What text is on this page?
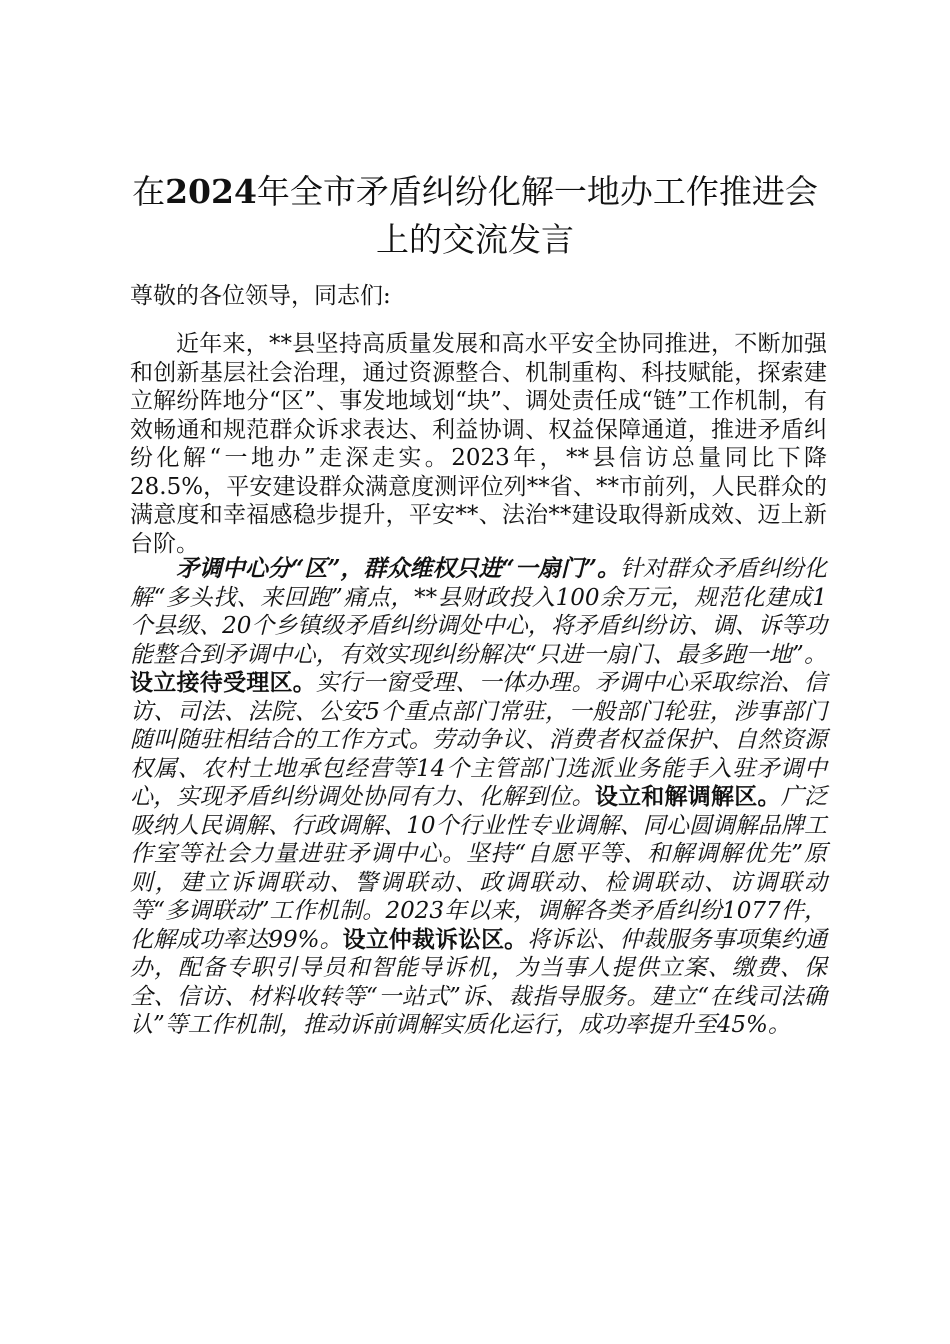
在2024年全市矛盾纠纷化解一地办工作推进会上的交流发言

尊敬的各位领导，同志们:

近年来，**县坚持高质量发展和高水平安全协同推进，不断加强和创新基层社会治理，通过资源整合、机制重构、科技赋能，探索建立解纷阵地分“区”、事发地域划“块”、调处责任成“链”工作机制，有效畅通和规范群众诉求表达、利益协调、权益保障通道，推进矛盾纠纷化解“一地办”走深走实。2023年，**县信访总量同比下降28.5%，平安建设群众满意度测评位列**省、**市前列，人民群众的满意度和幸福感稳步提升，平安**、法治**建设取得新成效、迈上新台阶。

矛调中心分“区”，群众维权只进“一扇门”。针对群众矛盾纠纷化解“多头找、来回跑”痛点，**县财政投入100余万元，规范化建成1个县级、20个乡镇级矛盾纠纷调处中心，将矛盾纠纷访、调、诉等功能整合到矛调中心，有效实现纠纷解决“只进一扇门、最多跑一地”。设立接待受理区。实行一窗受理、一体办理。矛调中心采取综治、信访、司法、法院、公安5个重点部门常驻，一般部门轮驻，涉事部门随叫随驻相结合的工作方式。劳动争议、消费者权益保护、自然资源权属、农村土地承包经营等14个主管部门选派业务能手入驻矛调中心，实现矛盾纠纷调处协同有力、化解到位。设立和解调解区。广泛吸纳人民调解、行政调解、10个行业性专业调解、同心圆调解品牌工作室等社会力量进驻矛调中心。坚持“自愿平等、和解调解优先”原则，建立诉调联动、警调联动、政调联动、检调联动、访调联动等“多调联动”工作机制。2023年以来，调解各类矛盾纠纷1077件，化解成功率达99%。设立仲裁诉讼区。将诉讼、仲裁服务事项集约通办，配备专职引导员和智能导诉机，为当事人提供立案、缴费、保全、信访、材料收转等“一站式”诉、裁指导服务。建立“在线司法确认”等工作机制，推动诉前调解实质化运行，成功率提升至45%。
